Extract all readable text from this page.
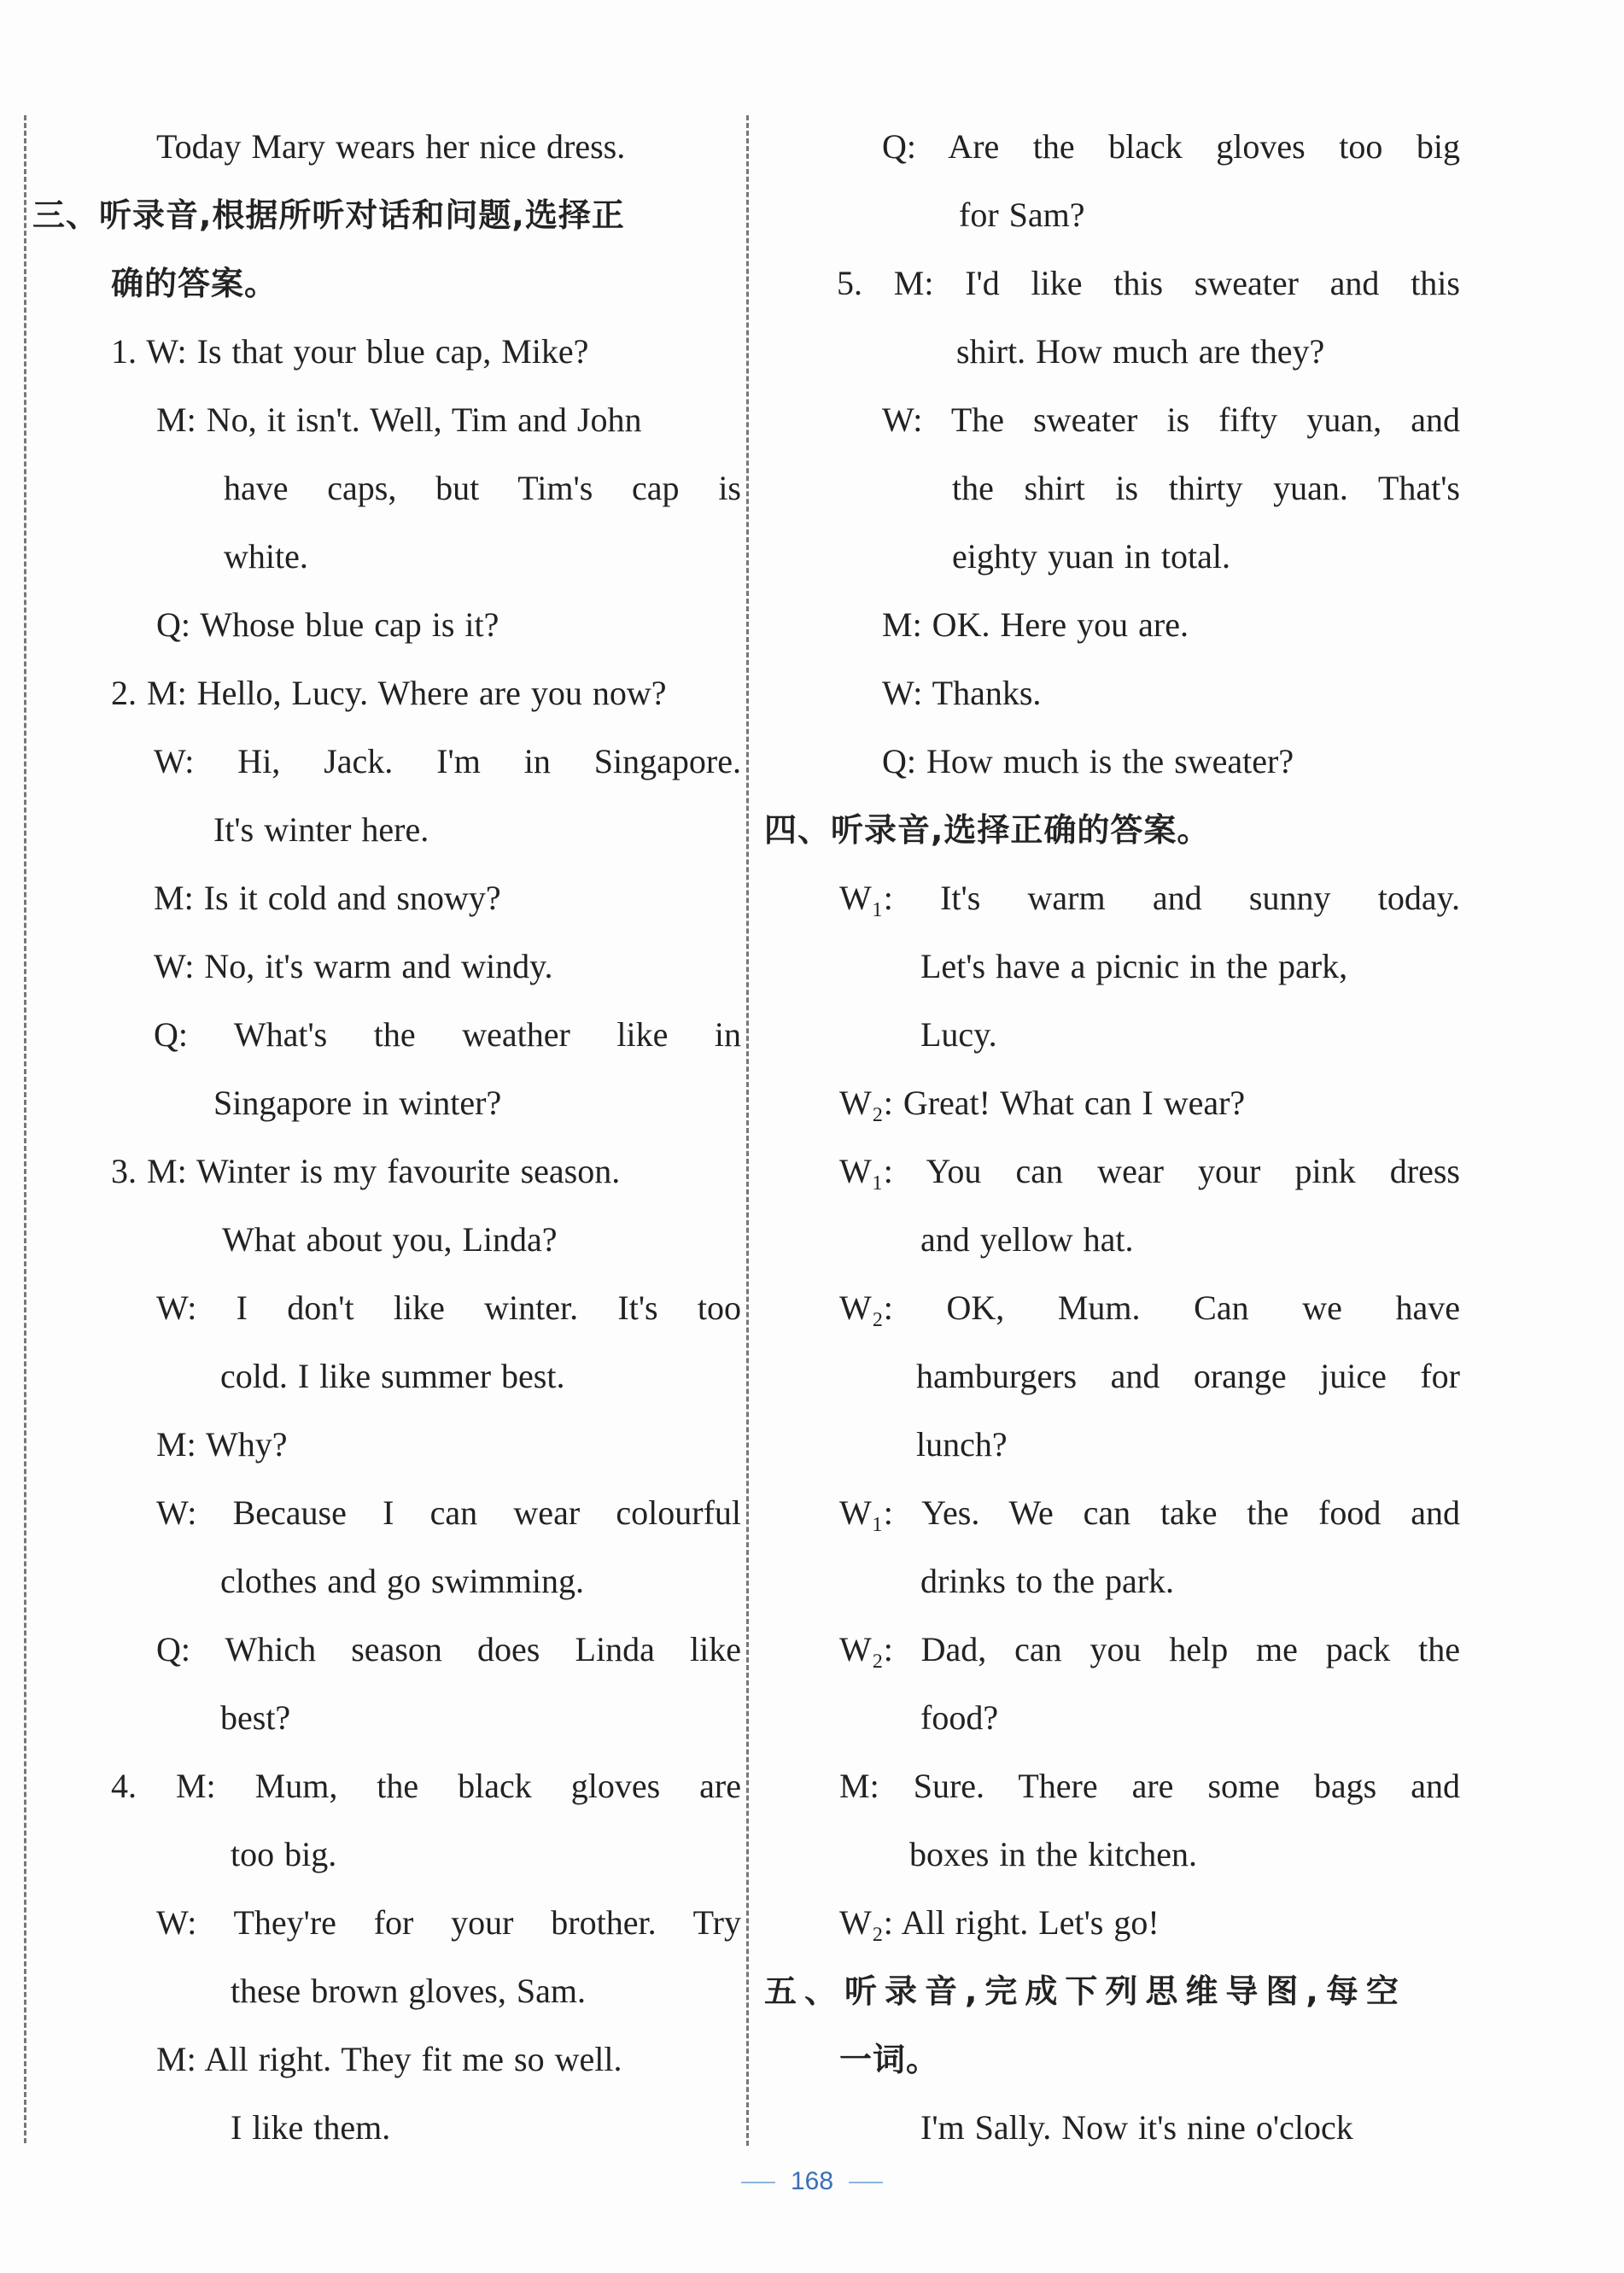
Today Mary wears her nice dress.
三、听录音,根据所听对话和问题,选择正
确的答案。
1. W: Is that your blue cap, Mike?
M: No, it isn't. Well, Tim and John
have caps, but Tim's cap is
white.
Q: Whose blue cap is it?
2. M: Hello, Lucy. Where are you now?
W: Hi, Jack. I'm in Singapore.
It's winter here.
M: Is it cold and snowy?
W: No, it's warm and windy.
Q: What's the weather like in
Singapore in winter?
3. M: Winter is my favourite season.
What about you, Linda?
W: I don't like winter. It's too
cold. I like summer best.
M: Why?
W: Because I can wear colourful
clothes and go swimming.
Q: Which season does Linda like
best?
4. M: Mum, the black gloves are
too big.
W: They're for your brother. Try
these brown gloves, Sam.
M: All right. They fit me so well.
I like them.
Q: Are the black gloves too big
for Sam?
5. M: I'd like this sweater and this
shirt. How much are they?
W: The sweater is fifty yuan, and
the shirt is thirty yuan. That's
eighty yuan in total.
M: OK. Here you are.
W: Thanks.
Q: How much is the sweater?
四、听录音,选择正确的答案。
W₁: It's warm and sunny today.
Let's have a picnic in the park,
Lucy.
W₂: Great! What can I wear?
W₁: You can wear your pink dress
and yellow hat.
W₂: OK, Mum. Can we have
hamburgers and orange juice for
lunch?
W₁: Yes. We can take the food and
drinks to the park.
W₂: Dad, can you help me pack the
food?
M: Sure. There are some bags and
boxes in the kitchen.
W₂: All right. Let's go!
五、听录音,完成下列思维导图,每空
一词。
I'm Sally. Now it's nine o'clock
168
